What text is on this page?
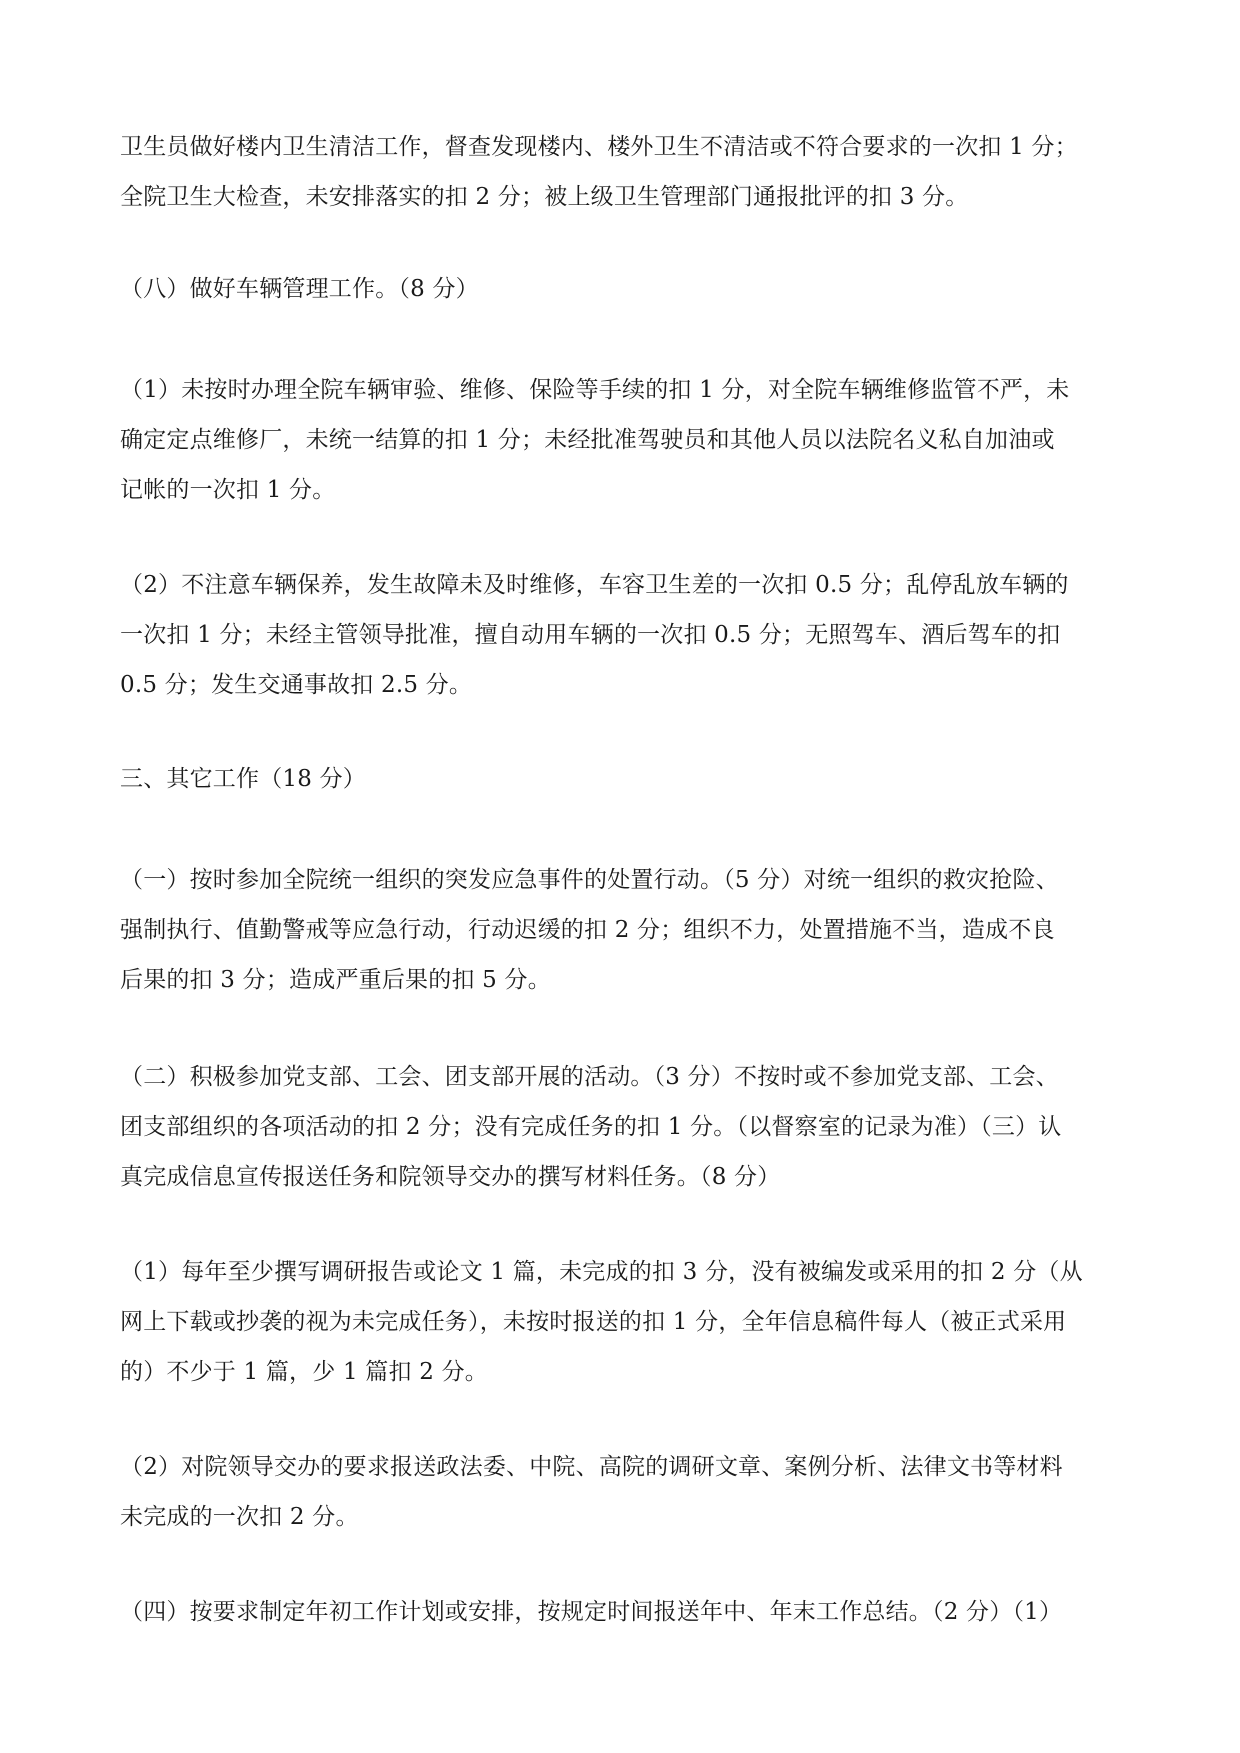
卫生员做好楼内卫生清洁工作，督查发现楼内、楼外卫生不清洁或不符合要求的一次扣 1 分；
全院卫生大检查，未安排落实的扣 2 分；被上级卫生管理部门通报批评的扣 3 分。

（八）做好车辆管理工作。（8 分）

（1）未按时办理全院车辆审验、维修、保险等手续的扣 1 分，对全院车辆维修监管不严，未
确定定点维修厂，未统一结算的扣 1 分；未经批准驾驶员和其他人员以法院名义私自加油或
记帐的一次扣 1 分。

（2）不注意车辆保养，发生故障未及时维修，车容卫生差的一次扣 0.5 分；乱停乱放车辆的
一次扣 1 分；未经主管领导批准，擅自动用车辆的一次扣 0.5 分；无照驾车、酒后驾车的扣
0.5 分；发生交通事故扣 2.5 分。

三、其它工作（18 分）

（一）按时参加全院统一组织的突发应急事件的处置行动。（5 分）对统一组织的救灾抢险、
强制执行、值勤警戒等应急行动，行动迟缓的扣 2 分；组织不力，处置措施不当，造成不良
后果的扣 3 分；造成严重后果的扣 5 分。

（二）积极参加党支部、工会、团支部开展的活动。（3 分）不按时或不参加党支部、工会、
团支部组织的各项活动的扣 2 分；没有完成任务的扣 1 分。（以督察室的记录为准）（三）认
真完成信息宣传报送任务和院领导交办的撰写材料任务。（8 分）

（1）每年至少撰写调研报告或论文 1 篇，未完成的扣 3 分，没有被编发或采用的扣 2 分（从
网上下载或抄袭的视为未完成任务），未按时报送的扣 1 分，全年信息稿件每人（被正式采用
的）不少于 1 篇，少 1 篇扣 2 分。

（2）对院领导交办的要求报送政法委、中院、高院的调研文章、案例分析、法律文书等材料
未完成的一次扣 2 分。

（四）按要求制定年初工作计划或安排，按规定时间报送年中、年末工作总结。（2 分）（1）
